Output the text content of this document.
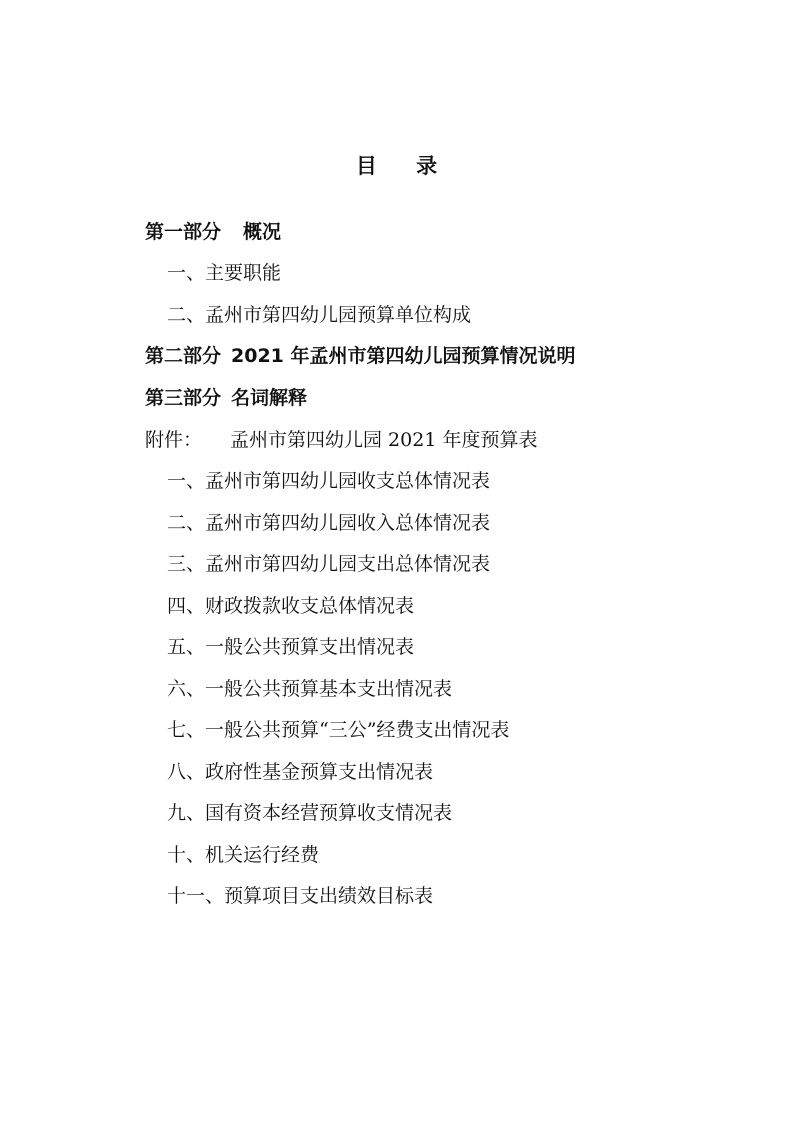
目 录
第一部分 概况
一、主要职能
二、孟州市第四幼儿园预算单位构成
第二部分 2021 年孟州市第四幼儿园预算情况说明
第三部分 名词解释
附件： 孟州市第四幼儿园 2021 年度预算表
一、孟州市第四幼儿园收支总体情况表
二、孟州市第四幼儿园收入总体情况表
三、孟州市第四幼儿园支出总体情况表
四、财政拨款收支总体情况表
五、一般公共预算支出情况表
六、一般公共预算基本支出情况表
七、一般公共预算“三公”经费支出情况表
八、政府性基金预算支出情况表
九、国有资本经营预算收支情况表
十、机关运行经费
十一、预算项目支出绩效目标表
